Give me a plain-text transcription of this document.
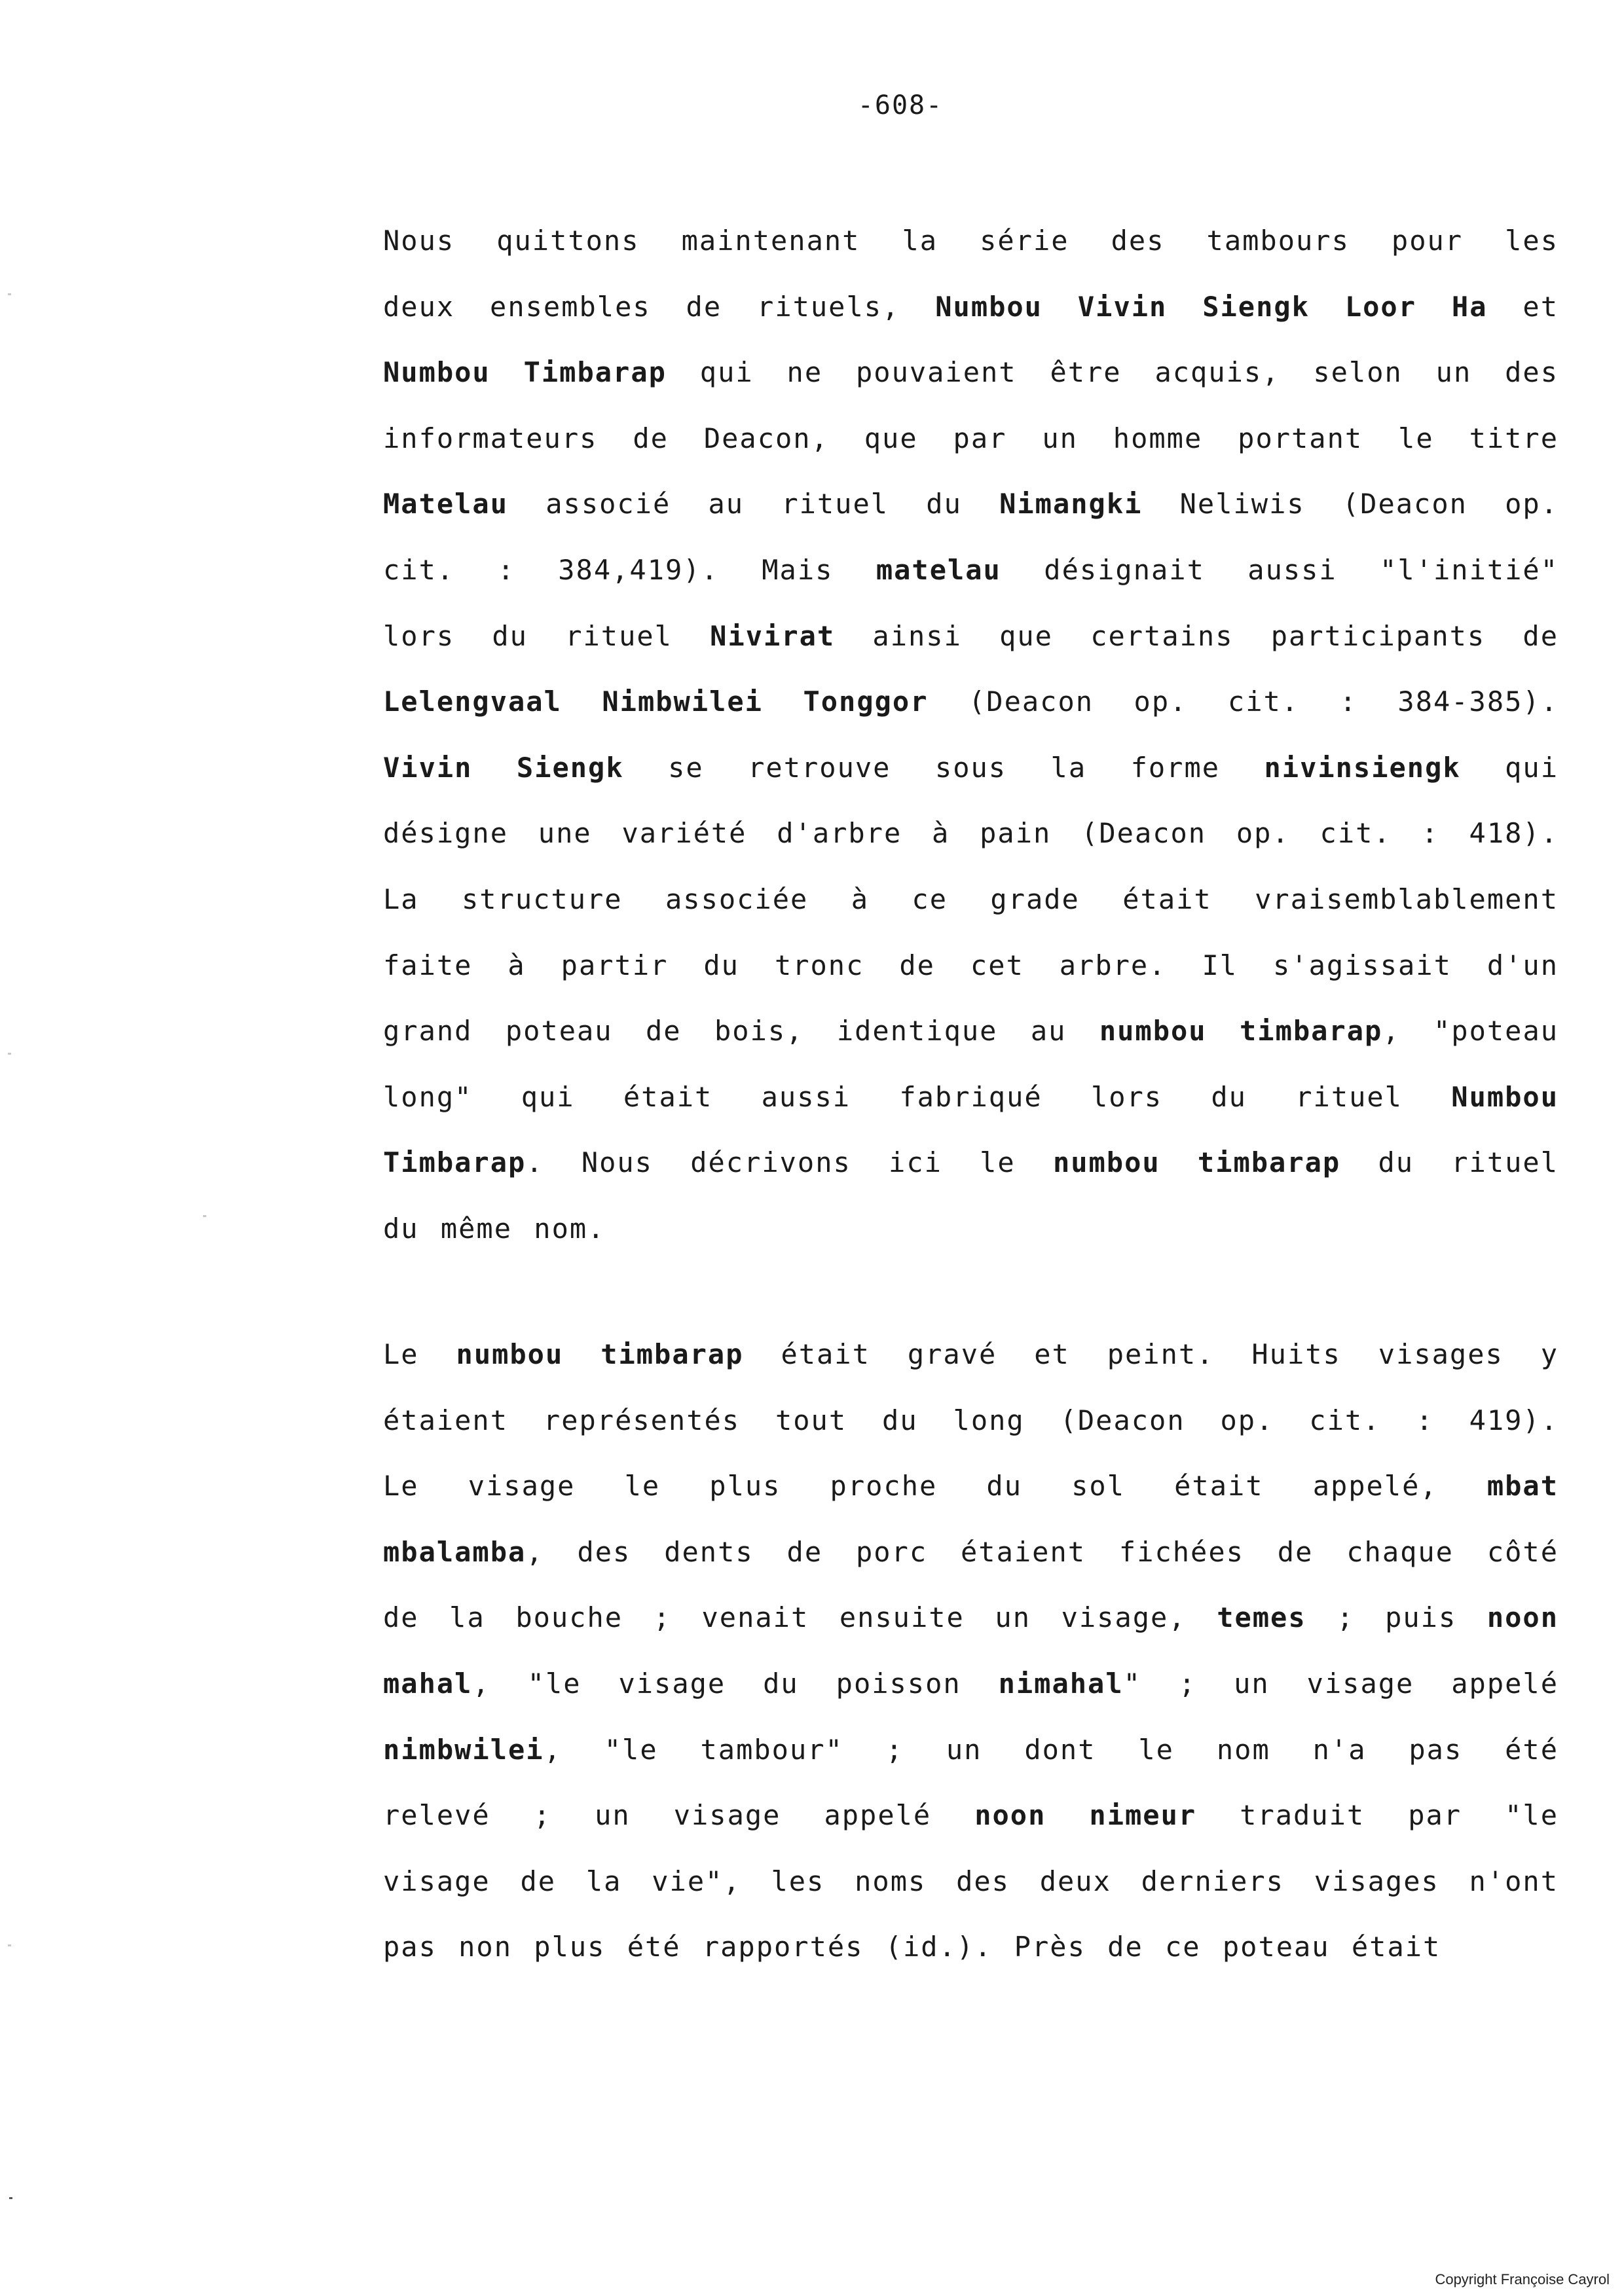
-608-
Nous quittons maintenant la série des tambours pour les
deux ensembles de rituels, Numbou Vivin Siengk Loor Ha et
Numbou Timbarap qui ne pouvaient être acquis, selon un des
informateurs de Deacon, que par un homme portant le titre
Matelau associé au rituel du Nimangki Neliwis (Deacon op.
cit. : 384,419). Mais matelau désignait aussi "l'initié"
lors du rituel Nivirat ainsi que certains participants de
Lelengvaal Nimbwilei Tonggor (Deacon op. cit. : 384-385).
Vivin Siengk se retrouve sous la forme nivinsiengk qui
désigne une variété d'arbre à pain (Deacon op. cit. : 418).
La structure associée à ce grade était vraisemblablement
faite à partir du tronc de cet arbre. Il s'agissait d'un
grand poteau de bois, identique au numbou timbarap, "poteau
long" qui était aussi fabriqué lors du rituel Numbou
Timbarap. Nous décrivons ici le numbou timbarap du rituel
du même nom.
Le numbou timbarap était gravé et peint. Huits visages y
étaient représentés tout du long (Deacon op. cit. : 419).
Le visage le plus proche du sol était appelé, mbat
mbalamba, des dents de porc étaient fichées de chaque côté
de la bouche ; venait ensuite un visage, temes ; puis noon
mahal, "le visage du poisson nimahal" ; un visage appelé
nimbwilei, "le tambour" ; un dont le nom n'a pas été
relevé ; un visage appelé noon nimeur traduit par "le
visage de la vie", les noms des deux derniers visages n'ont
pas non plus été rapportés (id.). Près de ce poteau était
Copyright Françoise Cayrol
